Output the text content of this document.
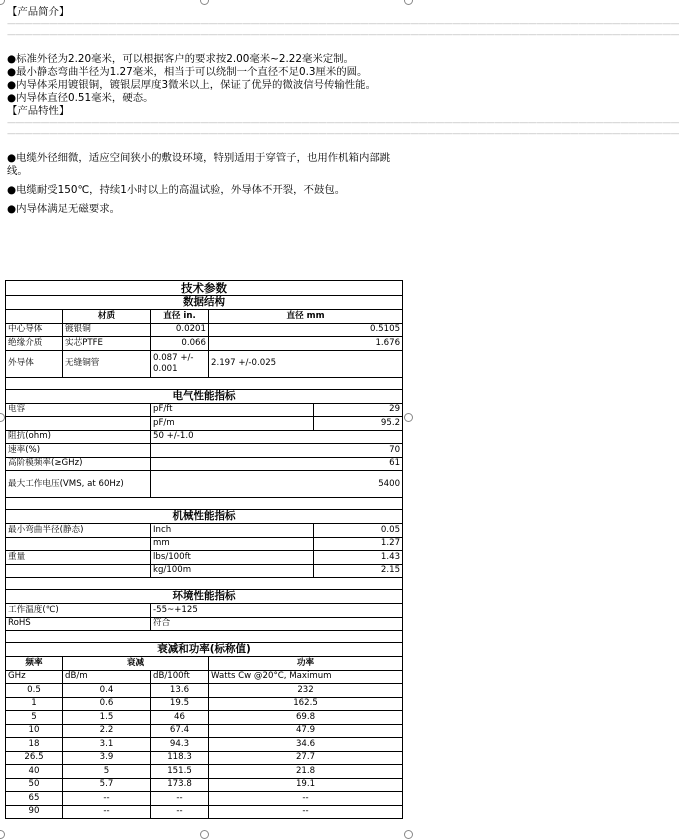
【产品简介】
————————————————————————————————————————————————————————————————————————————————
————————————————————————————————————————————————————————————————————————————————

●标准外径为2.20毫米，可以根据客户的要求按2.00毫米~2.22毫米定制。

●最小静态弯曲半径为1.27毫米，相当于可以绕制一个直径不足0.3厘米的圆。

●内导体采用镀银铜，镀银层厚度3微米以上，保证了优异的微波信号传输性能。

●内导体直径0.51毫米，硬态。

【产品特性】
————————————————————————————————————————————————————————————————————————————————
————————————————————————————————————————————————————————————————————————————————

●电缆外径细微，适应空间狭小的敷设环境，特别适用于穿管子，也用作机箱内部跳线。

●电缆耐受150℃，持续1小时以上的高温试验，外导体不开裂，不鼓包。

●内导体满足无磁要求。

技术参数				
数据结构				
	材质	直径 in.	直径 mm	
中心导体	镀银铜	0.0201	0.5105	
绝缘介质	实芯PTFE	0.066	1.676	
外导体	无缝铜管	0.087 +/- 0.001	2.197 +/-0.025	

电气性能指标				
电容		pF/ft		29
		pF/m		95.2
阻抗(ohm)		50 +/-1.0		
速率(%)		70		
高阶模频率(≥GHz)		61		
最大工作电压(VMS, at 60Hz)		5400		

机械性能指标				
最小弯曲半径(静态)		Inch		0.05
		mm		1.27
重量		lbs/100ft		1.43
		kg/100m		2.15

环境性能指标				
工作温度(℃)		-55~+125		
RoHS		符合		

衰减和功率(标称值)				
频率	衰减		功率	
GHz	dB/m	dB/100ft	Watts Cw @20°C, Maximum	
0.5	0.4	13.6	232	
1	0.6	19.5	162.5	
5	1.5	46	69.8	
10	2.2	67.4	47.9	
18	3.1	94.3	34.6	
26.5	3.9	118.3	27.7	
40	5	151.5	21.8	
50	5.7	173.8	19.1	
65	--	--	--	
90	--	--	--	
